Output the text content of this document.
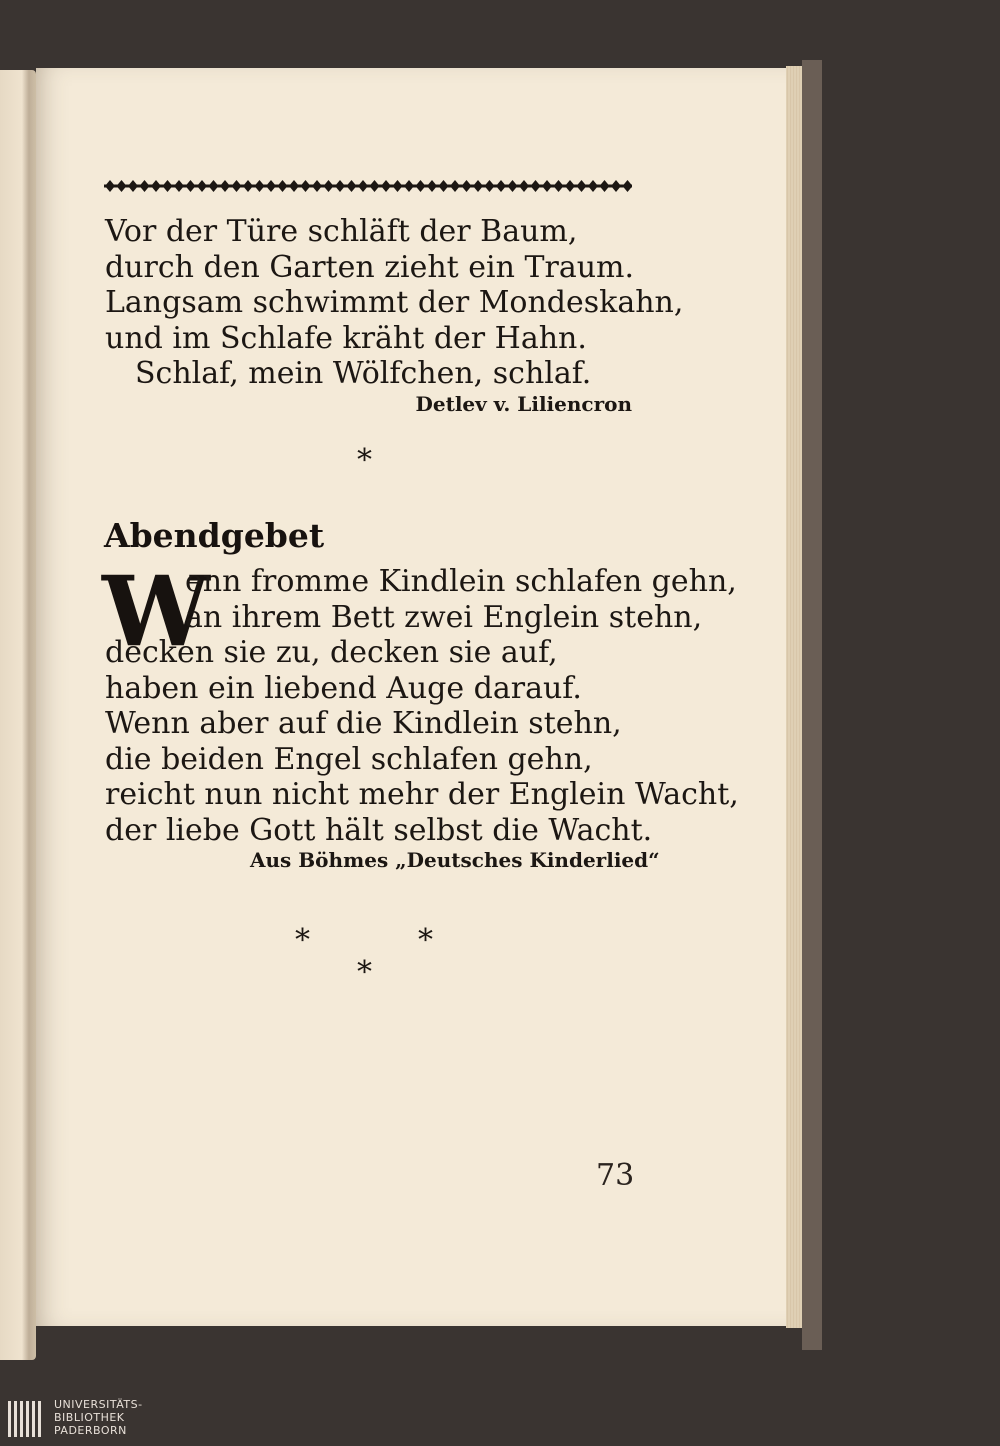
Vor der Türe schläft der Baum,
durch den Garten zieht ein Traum.
Langsam schwimmt der Mondeskahn,
und im Schlafe kräht der Hahn.
Schlaf, mein Wölfchen, schlaf.
Detlev v. Liliencron
*
Abendgebet
W
enn fromme Kindlein schlafen gehn,
an ihrem Bett zwei Englein stehn,
decken sie zu, decken sie auf,
haben ein liebend Auge darauf.
Wenn aber auf die Kindlein stehn,
die beiden Engel schlafen gehn,
reicht nun nicht mehr der Englein Wacht,
der liebe Gott hält selbst die Wacht.
Aus Böhmes „Deutsches Kinderlied“
*	*
*
73
UNIVERSITÄTS-
BIBLIOTHEK
PADERBORN
